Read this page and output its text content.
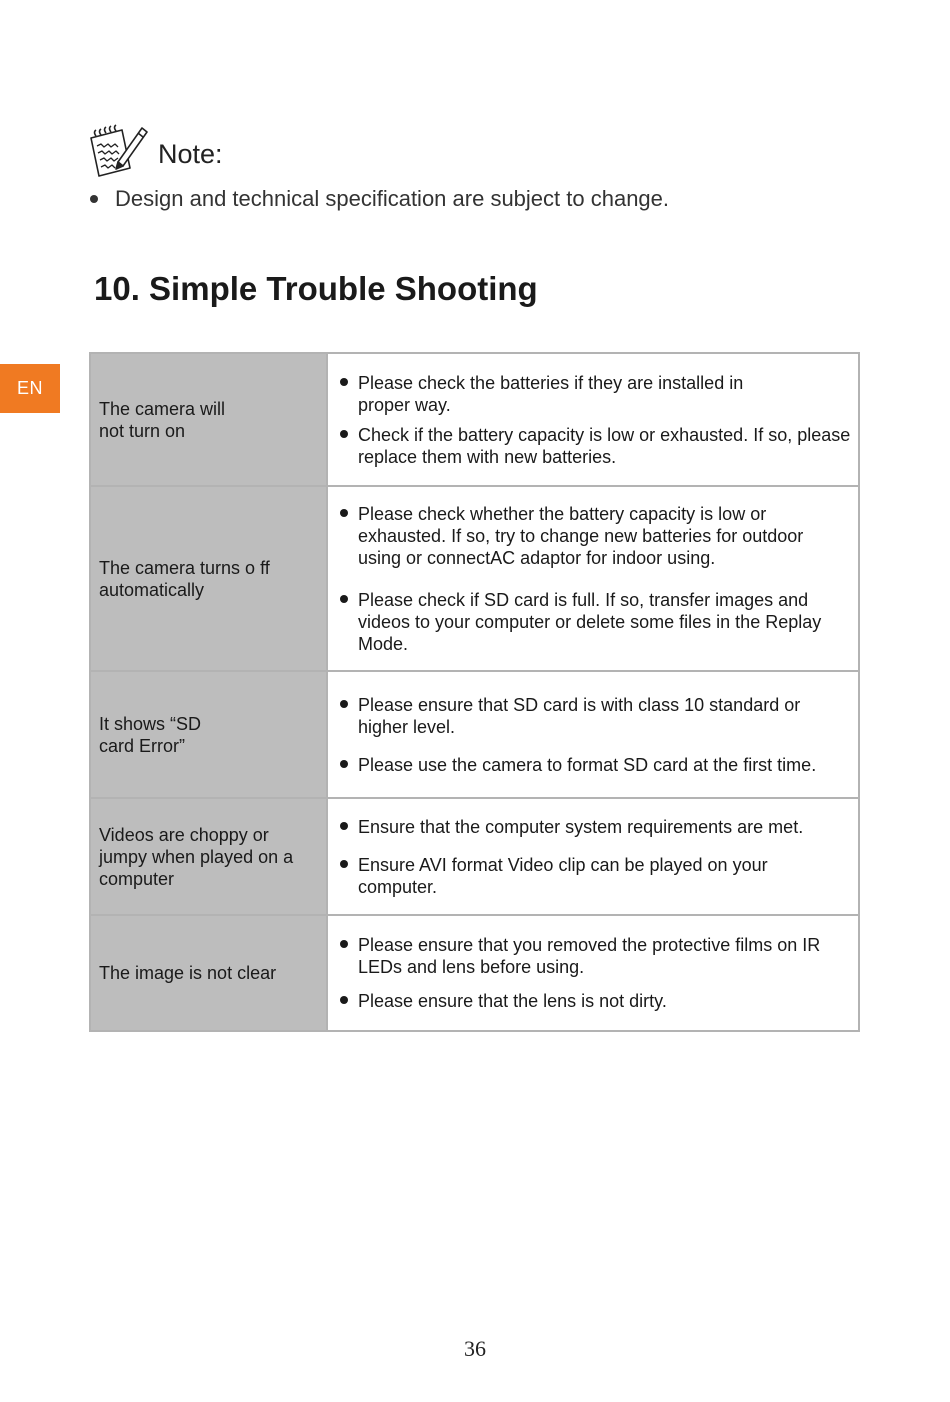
EN
Note:
Design and technical specification are subject to change.
10. Simple Trouble Shooting
The camera will not turn on	Please check the batteries if they are installed in proper way.
Check if the battery capacity is low or exhausted. If so, please replace them with new batteries.

The camera turns o ff automatically	Please check whether the battery capacity is low or exhausted. If so, try to change new batteries for outdoor using or connectAC adaptor for indoor using.
Please check if SD card is full. If so, transfer images and videos to your computer or delete some files in the Replay Mode.

It shows “SD card Error”	Please ensure that SD card is with class 10 standard or higher level.
Please use the camera to format SD card at the first time.

Videos are choppy or jumpy when played on a computer	Ensure that the computer system requirements are met.
Ensure AVI format Video clip can be played on your computer.

The image is not clear	Please ensure that you removed the protective films on IR LEDs and lens before using.
Please ensure that the lens is not dirty.
36
